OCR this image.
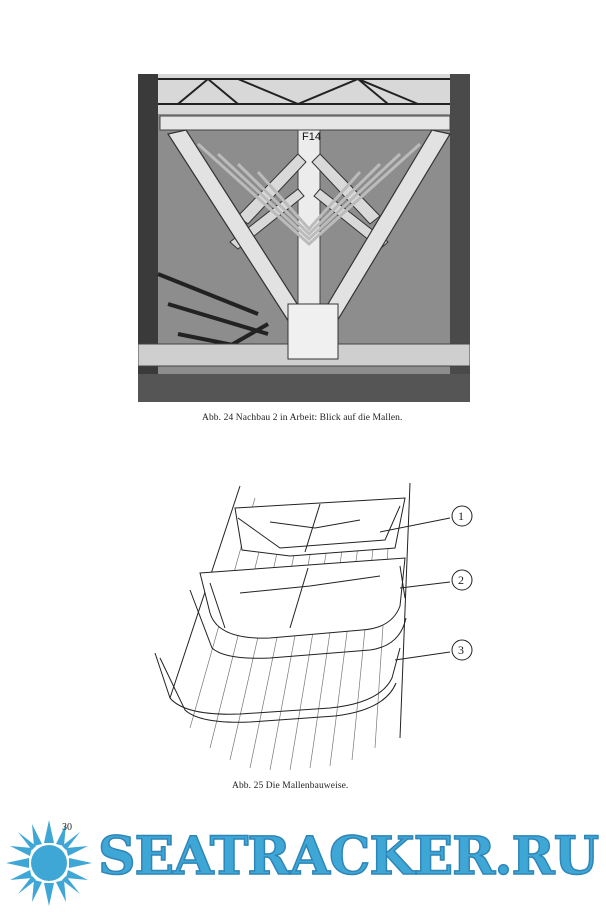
F14
Abb. 24 Nachbau 2 in Arbeit: Blick auf die Mallen.
1
2
3
Abb. 25 Die Mallenbauweise.
30 SEATRACKER.RU
